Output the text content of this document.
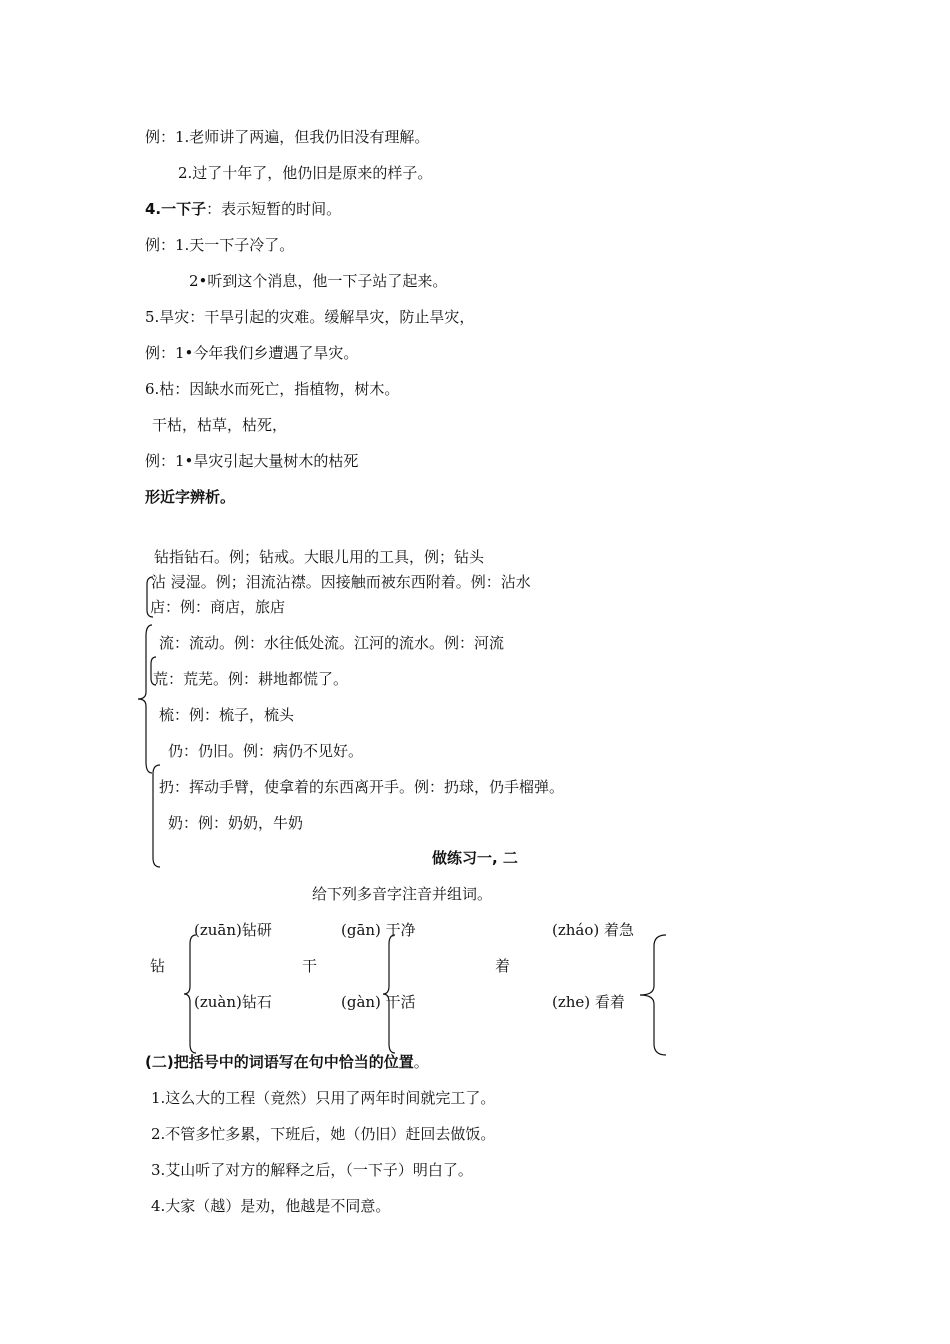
例：1.老师讲了两遍，但我仍旧没有理解。
2.过了十年了，他仍旧是原来的样子。
4.一下子：表示短暂的时间。
例：1.天一下子冷了。
2•听到这个消息，他一下子站了起来。
5.旱灾：干旱引起的灾难。缓解旱灾，防止旱灾，
例：1•今年我们乡遭遇了旱灾。
6.枯：因缺水而死亡，指植物，树木。
干枯，枯草，枯死，
例：1•旱灾引起大量树木的枯死
形近字辨析。
钻指钻石。例；钻戒。大眼儿用的工具，例；钻头
沾 浸湿。例；泪流沾襟。因接触而被东西附着。例：沾水
店：例：商店，旅店
流：流动。例：水往低处流。江河的流水。例：河流
荒：荒芜。例：耕地都慌了。
梳：例：梳子，梳头
仍：仍旧。例：病仍不见好。
扔：挥动手臂，使拿着的东西离开手。例：扔球，仍手榴弹。
奶：例：奶奶，牛奶
做练习一, 二
给下列多音字注音并组词。
钻
(zuān)钻研
(zuàn)钻石
干
(gān) 干净
(gàn) 干活
着
(zháo) 着急
(zhe) 看着
(二)把括号中的词语写在句中恰当的位置。
1.这么大的工程（竟然）只用了两年时间就完工了。
2.不管多忙多累，下班后，她（仍旧）赶回去做饭。
3.艾山听了对方的解释之后，（一下子）明白了。
4.大家（越）是劝，他越是不同意。
